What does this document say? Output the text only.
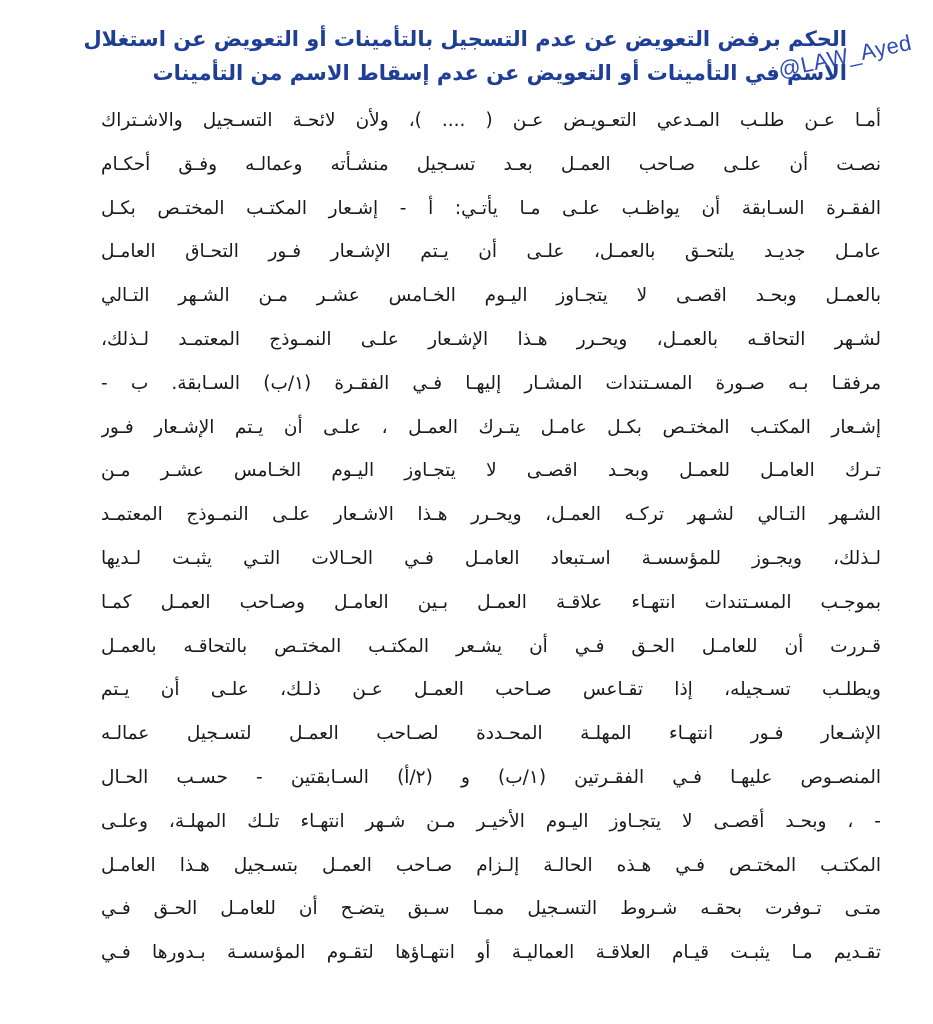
الحكم برفض التعويض عن عدم التسجيل بالتأمينات أو التعويض عن استغلال
الاسم في التأمينات أو التعويض عن عدم إسقاط الاسم من التأمينات
@LAW_Ayed
أمـا عـن طلـب المـدعي التعـويـض عـن ( .... )، ولأن لائحـة التسـجيل والاشـتراك
نصـت أن علـى صـاحب العمـل بعـد تسـجيل منشـأته وعمالـه وفـق أحكـام
الفقـرة السـابقة أن يواظـب علـى مـا يأتـي: أ - إشـعار المكتـب المختـص بكـل
عامـل جديـد يلتحـق بالعمـل، علـى أن يـتم الإشـعار فـور التحـاق العامـل
بالعمـل وبحـد اقصـى لا يتجـاوز اليـوم الخـامس عشـر مـن الشـهر التـالي
لشـهر التحاقـه بالعمـل، ويحـرر هـذا الإشـعار علـى النمـوذج المعتمـد لـذلك،
مرفقـا بـه صـورة المسـتندات المشـار إليهـا فـي الفقـرة (١/ب) السـابقة. ب -
إشـعار المكتـب المختـص بكـل عامـل يتـرك العمـل ، علـى أن يـتم الإشـعار فـور
تـرك العامـل للعمـل وبحـد اقصـى لا يتجـاوز اليـوم الخـامس عشـر مـن
الشـهر التـالي لشـهر تركـه العمـل، ويحـرر هـذا الاشـعار علـى النمـوذج المعتمـد
لـذلك، ويجـوز للمؤسسـة اسـتبعاد العامـل فـي الحـالات التـي يثبـت لـديها
بموجـب المسـتندات انتهـاء علاقـة العمـل بـين العامـل وصـاحب العمـل كمـا
قـررت أن للعامـل الحـق فـي أن يشـعر المكتـب المختـص بالتحاقـه بالعمـل
ويطلـب تسـجيله، إذا تقـاعس صـاحب العمـل عـن ذلـك، علـى أن يـتم
الإشـعار فـور انتهـاء المهلـة المحـددة لصـاحب العمـل لتسـجيل عمالـه
المنصـوص عليهـا فـي الفقـرتين (١/ب) و (٢/أ) السـابقتين - حسـب الحـال
- ، وبحـد أقصـى لا يتجـاوز اليـوم الأخيـر مـن شـهر انتهـاء تلـك المهلـة، وعلـى
المكتـب المختـص فـي هـذه الحالـة إلـزام صـاحب العمـل بتسـجيل هـذا العامـل
متـى تـوفرت بحقـه شـروط التسـجيل ممـا سـبق يتضـح أن للعامـل الحـق فـي
تقـديم مـا يثبـت قيـام العلاقـة العماليـة أو انتهـاؤها لتقـوم المؤسسـة بـدورها فـي
